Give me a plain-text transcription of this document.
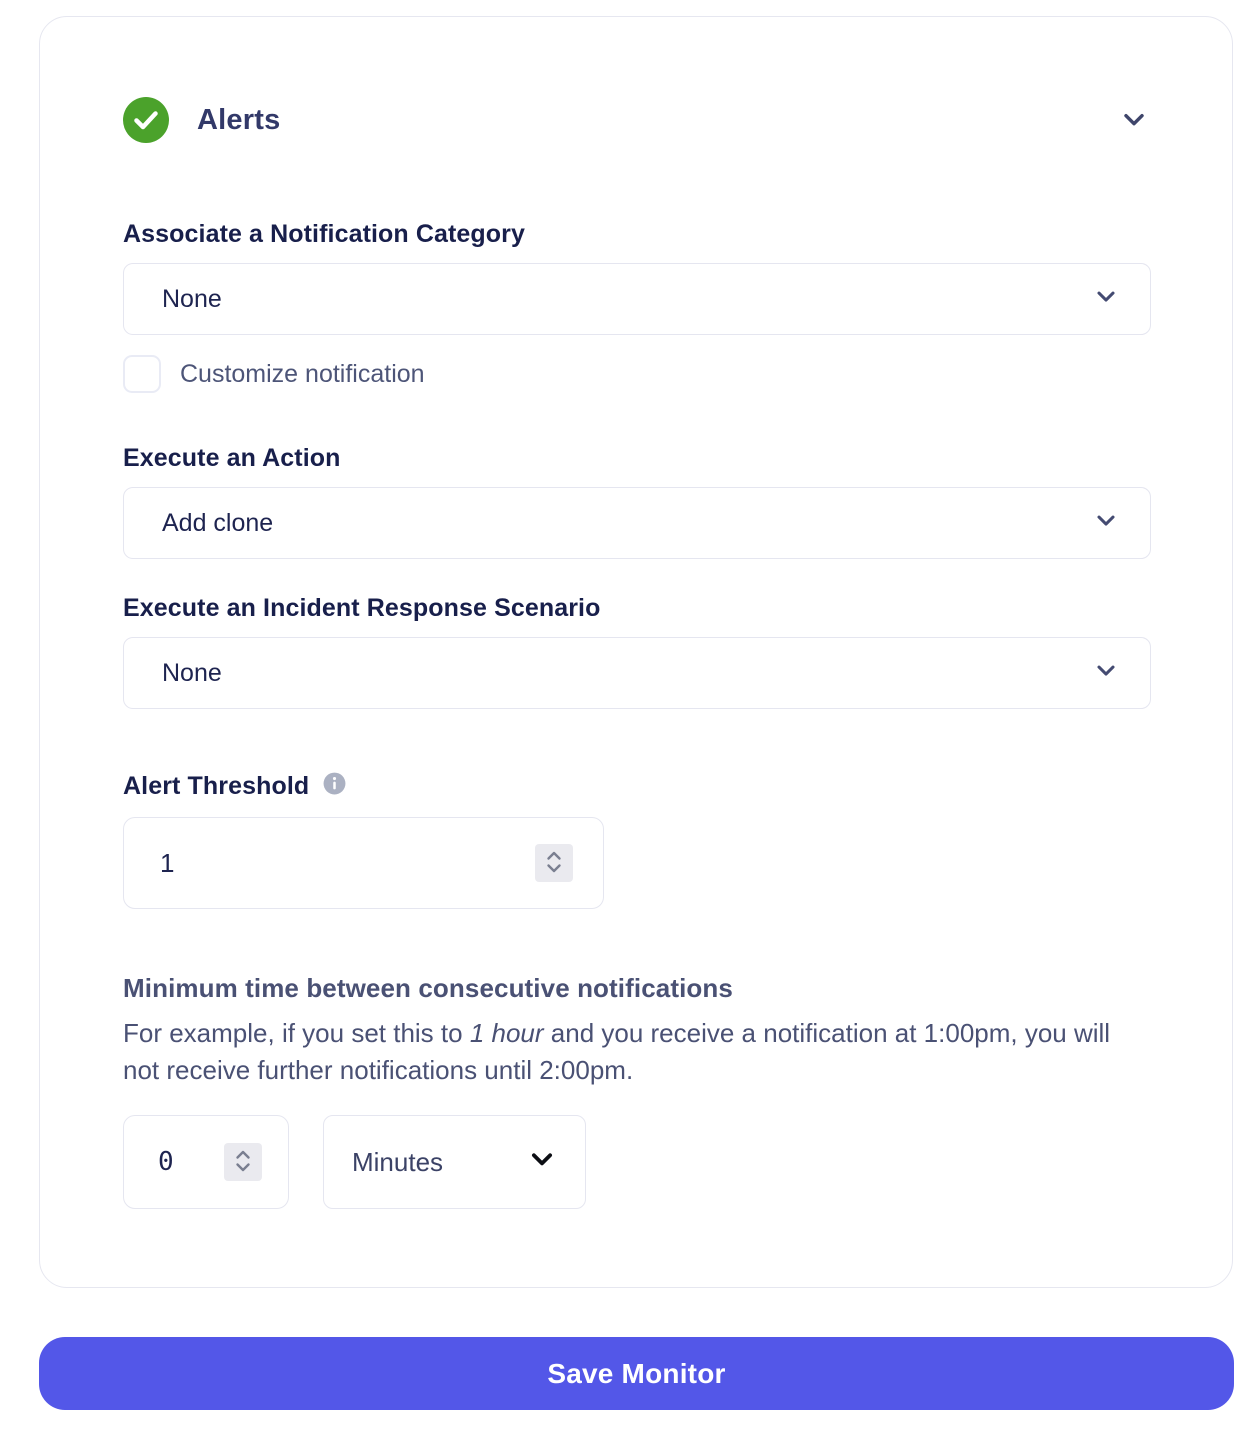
Alerts
Associate a Notification Category
None
Customize notification
Execute an Action
Add clone
Execute an Incident Response Scenario
None
Alert Threshold
1
Minimum time between consecutive notifications

For example, if you set this to 1 hour and you receive a notification at 1:00pm, you will not receive further notifications until 2:00pm.

0
Minutes
Save Monitor
